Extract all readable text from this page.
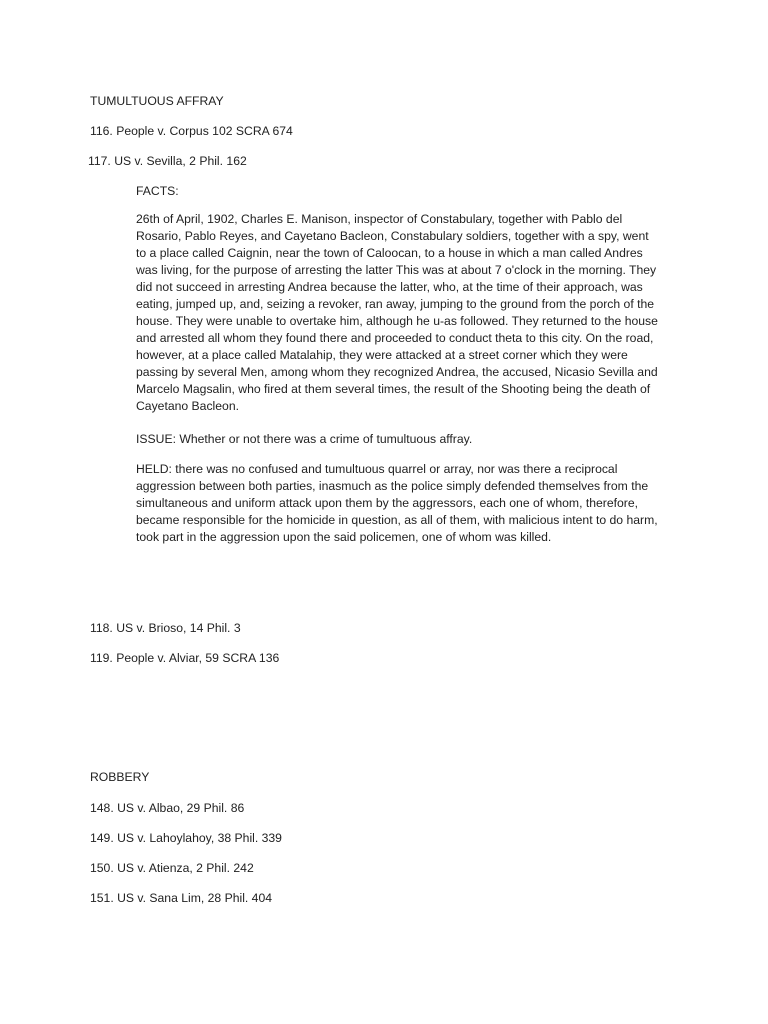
TUMULTUOUS AFFRAY

116. People v. Corpus 102 SCRA 674

117. US v. Sevilla, 2 Phil. 162

FACTS:

26th of April, 1902, Charles E. Manison, inspector of Constabulary, together with Pablo del

Rosario, Pablo Reyes, and Cayetano Bacleon, Constabulary soldiers, together with a spy, went

to a place called Caignin, near the town of Caloocan, to a house in which a man called Andres

was living, for the purpose of arresting the latter This was at about 7 o'clock in the morning. They

did not succeed in arresting Andrea because the latter, who, at the time of their approach, was

eating, jumped up, and, seizing a revoker, ran away, jumping to the ground from the porch of the

house. They were unable to overtake him, although he u-as followed. They returned to the house

and arrested all whom they found there and proceeded to conduct theta to this city. On the road,

however, at a place called Matalahip, they were attacked at a street corner which they were

passing by several Men, among whom they recognized Andrea, the accused, Nicasio Sevilla and

Marcelo Magsalin, who fired at them several times, the result of the Shooting being the death of

Cayetano Bacleon.

ISSUE: Whether or not there was a crime of tumultuous affray.

HELD: there was no confused and tumultuous quarrel or array, nor was there a reciprocal

aggression between both parties, inasmuch as the police simply defended themselves from the

simultaneous and uniform attack upon them by the aggressors, each one of whom, therefore,

became responsible for the homicide in question, as all of them, with malicious intent to do harm,

took part in the aggression upon the said policemen, one of whom was killed.

118. US v. Brioso, 14 Phil. 3

119. People v. Alviar, 59 SCRA 136

ROBBERY

148. US v. Albao, 29 Phil. 86

149. US v. Lahoylahoy, 38 Phil. 339

150. US v. Atienza, 2 Phil. 242

151. US v. Sana Lim, 28 Phil. 404
